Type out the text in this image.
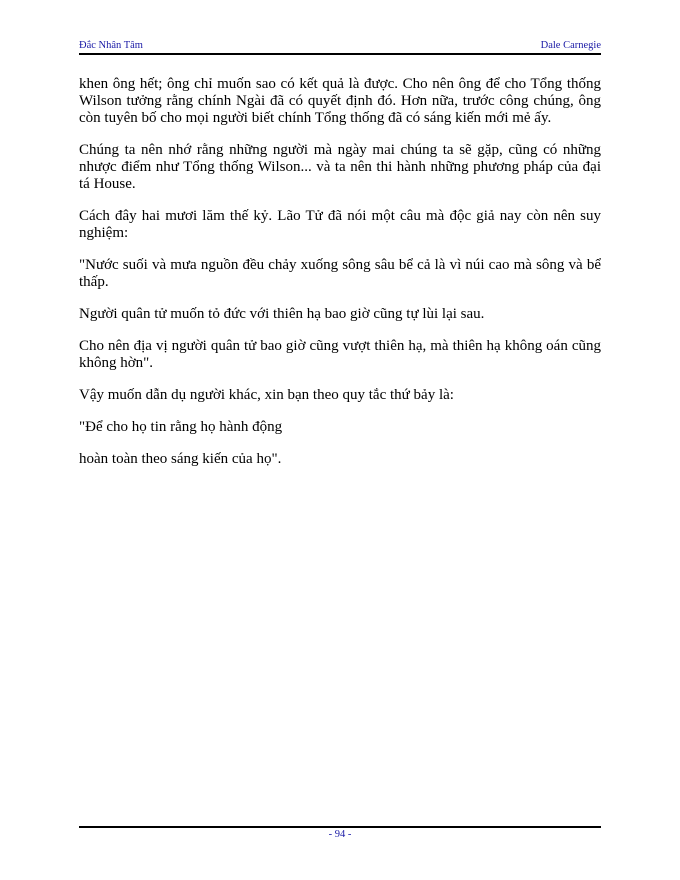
Đắc Nhân Tâm	Dale Carnegie

khen ông hết; ông chỉ muốn sao có kết quả là được. Cho nên ông để cho Tổng thống Wilson tưởng rằng chính Ngài đã có quyết định đó. Hơn nữa, trước công chúng, ông còn tuyên bố cho mọi người biết chính Tổng thống đã có sáng kiến mới mẻ ấy.

Chúng ta nên nhớ rằng những người mà ngày mai chúng ta sẽ gặp, cũng có những nhược điểm như Tổng thống Wilson... và ta nên thi hành những phương pháp của đại tá House.

Cách đây hai mươi lăm thế kỷ. Lão Tử đã nói một câu mà độc giả nay còn nên suy nghiệm:

"Nước suối và mưa nguồn đều chảy xuống sông sâu bể cả là vì núi cao mà sông và bể thấp.

Người quân tử muốn tỏ đức với thiên hạ bao giờ cũng tự lùi lại sau.

Cho nên địa vị người quân tử bao giờ cũng vượt thiên hạ, mà thiên hạ không oán cũng không hờn".

Vậy muốn dẫn dụ người khác, xin bạn theo quy tắc thứ bảy là:

"Để cho họ tin rằng họ hành động

hoàn toàn theo sáng kiến của họ".

- 94 -
